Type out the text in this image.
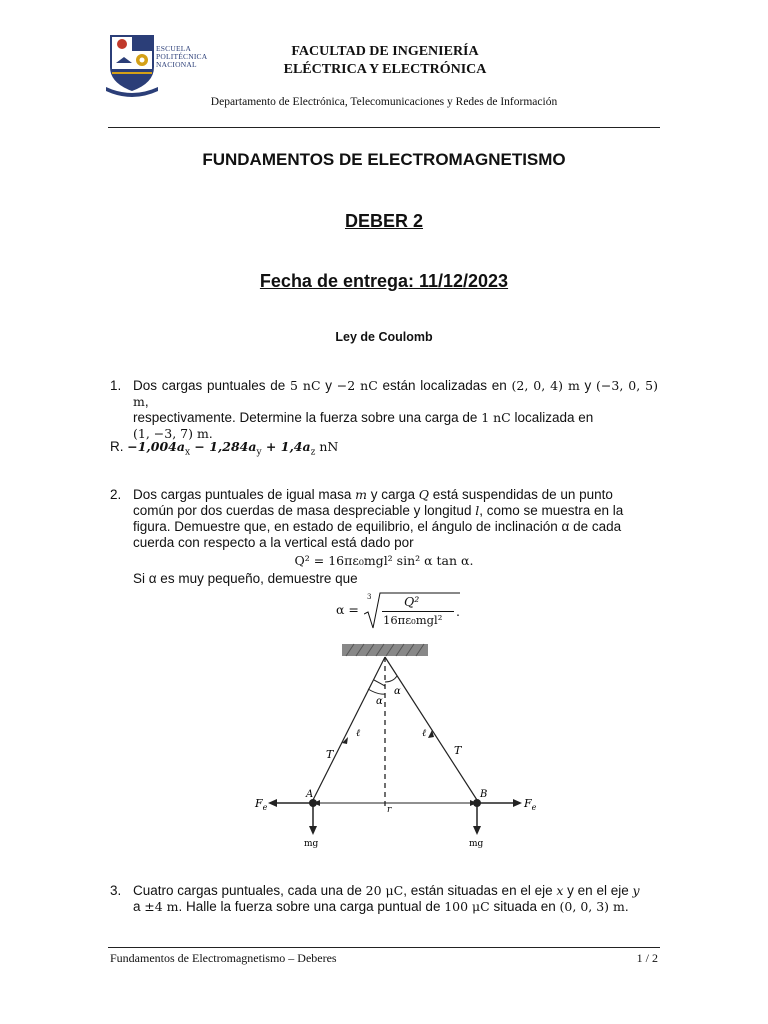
ESCUELA
POLITÉCNICA
NACIONAL
FACULTAD DE INGENIERÍA
ELÉCTRICA Y ELECTRÓNICA
Departamento de Electrónica, Telecomunicaciones y Redes de Información
FUNDAMENTOS DE ELECTROMAGNETISMO
DEBER 2
Fecha de entrega: 11/12/2023
Ley de Coulomb
1. Dos cargas puntuales de 5 nC y −2 nC están localizadas en (2, 0, 4) m y (−3, 0, 5) m,
respectivamente. Determine la fuerza sobre una carga de 1 nC localizada en
(1, −3, 7) m.
R. $-1,004a_x - 1,284a_y + 1,4a_z$ nN
2. Dos cargas puntuales de igual masa m y carga Q está suspendidas de un punto
común por dos cuerdas de masa despreciable y longitud l, como se muestra en la
figura. Demuestre que, en estado de equilibrio, el ángulo de inclinación α de cada
cuerda con respecto a la vertical está dado por
Q² = 16πε₀mgl² sin² α tan α.
Si α es muy pequeño, demuestre que
α =
3	Q²
16πε₀mgl²
.
α
α
ℓ	ℓ
T	T
r
A	B
$F_e$	$F_e$
mg	mg
3. Cuatro cargas puntuales, cada una de 20 μC, están situadas en el eje x y en el eje y
a ±4 m. Halle la fuerza sobre una carga puntual de 100 μC situada en (0, 0, 3) m.
Fundamentos de Electromagnetismo – Deberes	1 / 2
